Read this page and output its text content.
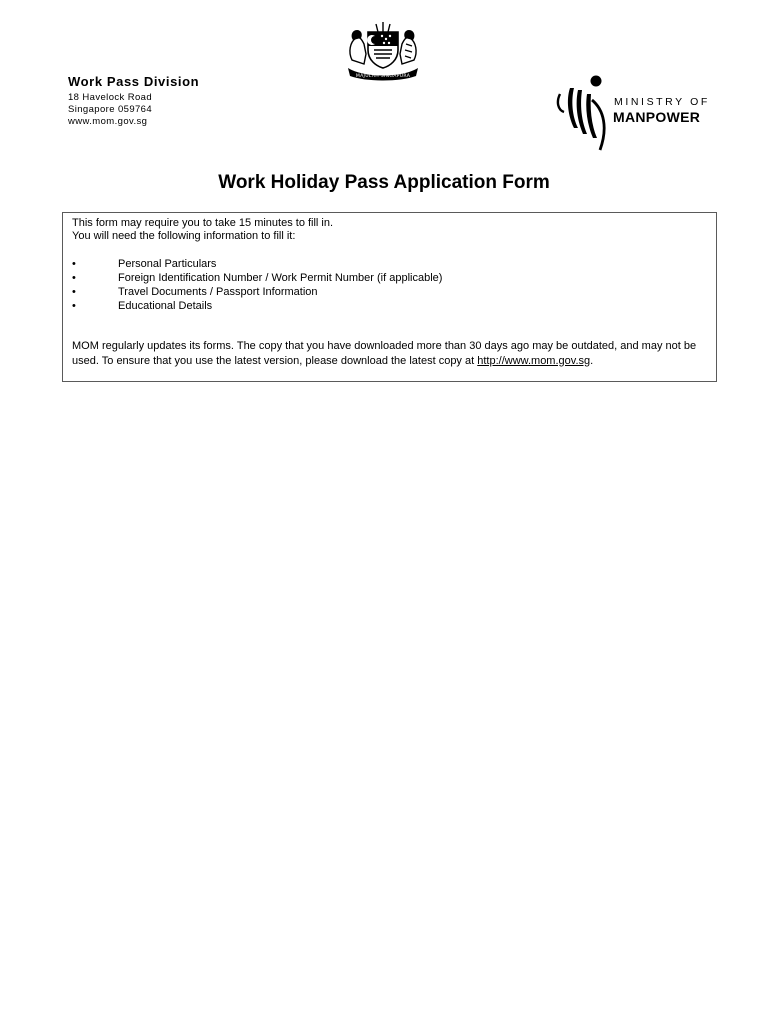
MAJULAH SINGAPURA
Work Pass Division
18 Havelock Road
Singapore 059764
www.mom.gov.sg
MINISTRY OF
MANPOWER
Work Holiday Pass Application Form
This form may require you to take 15 minutes to fill in.
You will need the following information to fill it:
•	Personal Particulars
•	Foreign Identification Number / Work Permit Number (if applicable)
•	Travel Documents / Passport Information
•	Educational Details
MOM regularly updates its forms. The copy that you have downloaded more than 30 days ago may be outdated, and may not be used. To ensure that you use the latest version, please download the latest copy at http://www.mom.gov.sg.
